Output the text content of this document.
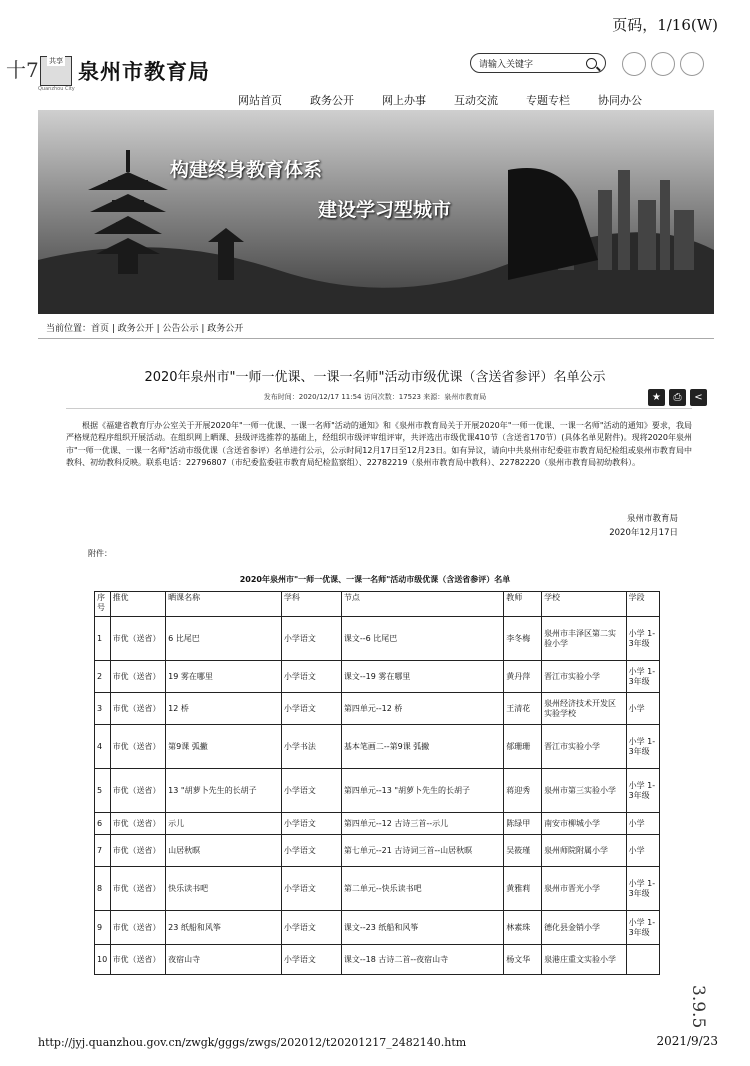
页码，1/16(W)
十7 共享
Quanzhou City
泉州市教育局	请输入关键字
网站首页	政务公开	网上办事	互动交流	专题专栏	协同办公
构建终身教育体系
建设学习型城市
当前位置：首页 | 政务公开 | 公告公示 | 政务公开
2020年泉州市"一师一优课、一课一名师"活动市级优课（含送省参评）名单公示
发布时间：2020/12/17 11:54 访问次数：17523 来源：泉州市教育局	★	⎙	<

根据《福建省教育厅办公室关于开展2020年"一师一优课、一课一名师"活动的通知》和《泉州市教育局关于开展2020年"一师一优课、一课一名师"活动的通知》要求，我局严格规范程序组织开展活动。在组织网上晒课、县级评选推荐的基础上，经组织市级评审组评审，共评选出市级优课410节（含送省170节）(具体名单见附件)。现将2020年泉州市"一师一优课、一课一名师"活动市级优课（含送省参评）名单进行公示，公示时间12月17日至12月23日。如有异议，请向中共泉州市纪委驻市教育局纪检组或泉州市教育局中教科、初幼教科反映。联系电话：22796807（市纪委监委驻市教育局纪检监察组）、22782219（泉州市教育局中教科）、22782220（泉州市教育局初幼教科）。

泉州市教育局
2020年12月17日
附件：
2020年泉州市"一师一优课、一课一名师"活动市级优课（含送省参评）名单
序号	推优	晒课名称	学科	节点	教师	学校	学段
1	市优（送省）	6 比尾巴	小学语文	课文--6 比尾巴	李冬梅	泉州市丰泽区第二实验小学	小学 1-3年级
2	市优（送省）	19 雾在哪里	小学语文	课文--19 雾在哪里	黄丹萍	晋江市实验小学	小学 1-3年级
3	市优（送省）	12 桥	小学语文	第四单元--12 桥	王清花	泉州经济技术开发区实验学校	小学
4	市优（送省）	第9课 弧撇	小学书法	基本笔画二--第9课 弧撇	郁珊珊	晋江市实验小学	小学 1-3年级
5	市优（送省）	13 "胡萝卜先生的长胡子	小学语文	第四单元--13 "胡萝卜先生的长胡子	蒋迎秀	泉州市第三实验小学	小学 1-3年级
6	市优（送省）	示儿	小学语文	第四单元--12 古诗三首--示儿	陈绿甲	南安市柳城小学	小学
7	市优（送省）	山居秋暝	小学语文	第七单元--21 古诗词三首--山居秋暝	吴筱瑾	泉州师院附属小学	小学
8	市优（送省）	快乐读书吧	小学语文	第二单元--快乐读书吧	黄雅莉	泉州市晋光小学	小学 1-3年级
9	市优（送省）	23 纸船和风筝	小学语文	课文--23 纸船和风筝	林素珠	德化县金销小学	小学 1-3年级
10	市优（送省）	夜宿山寺	小学语文	课文--18 古诗二首--夜宿山寺	杨文华	泉港庄重文实验小学	
http://jyj.quanzhou.gov.cn/zwgk/gggs/zwgs/202012/t20201217_2482140.htm	2021/9/23
3.9.5
